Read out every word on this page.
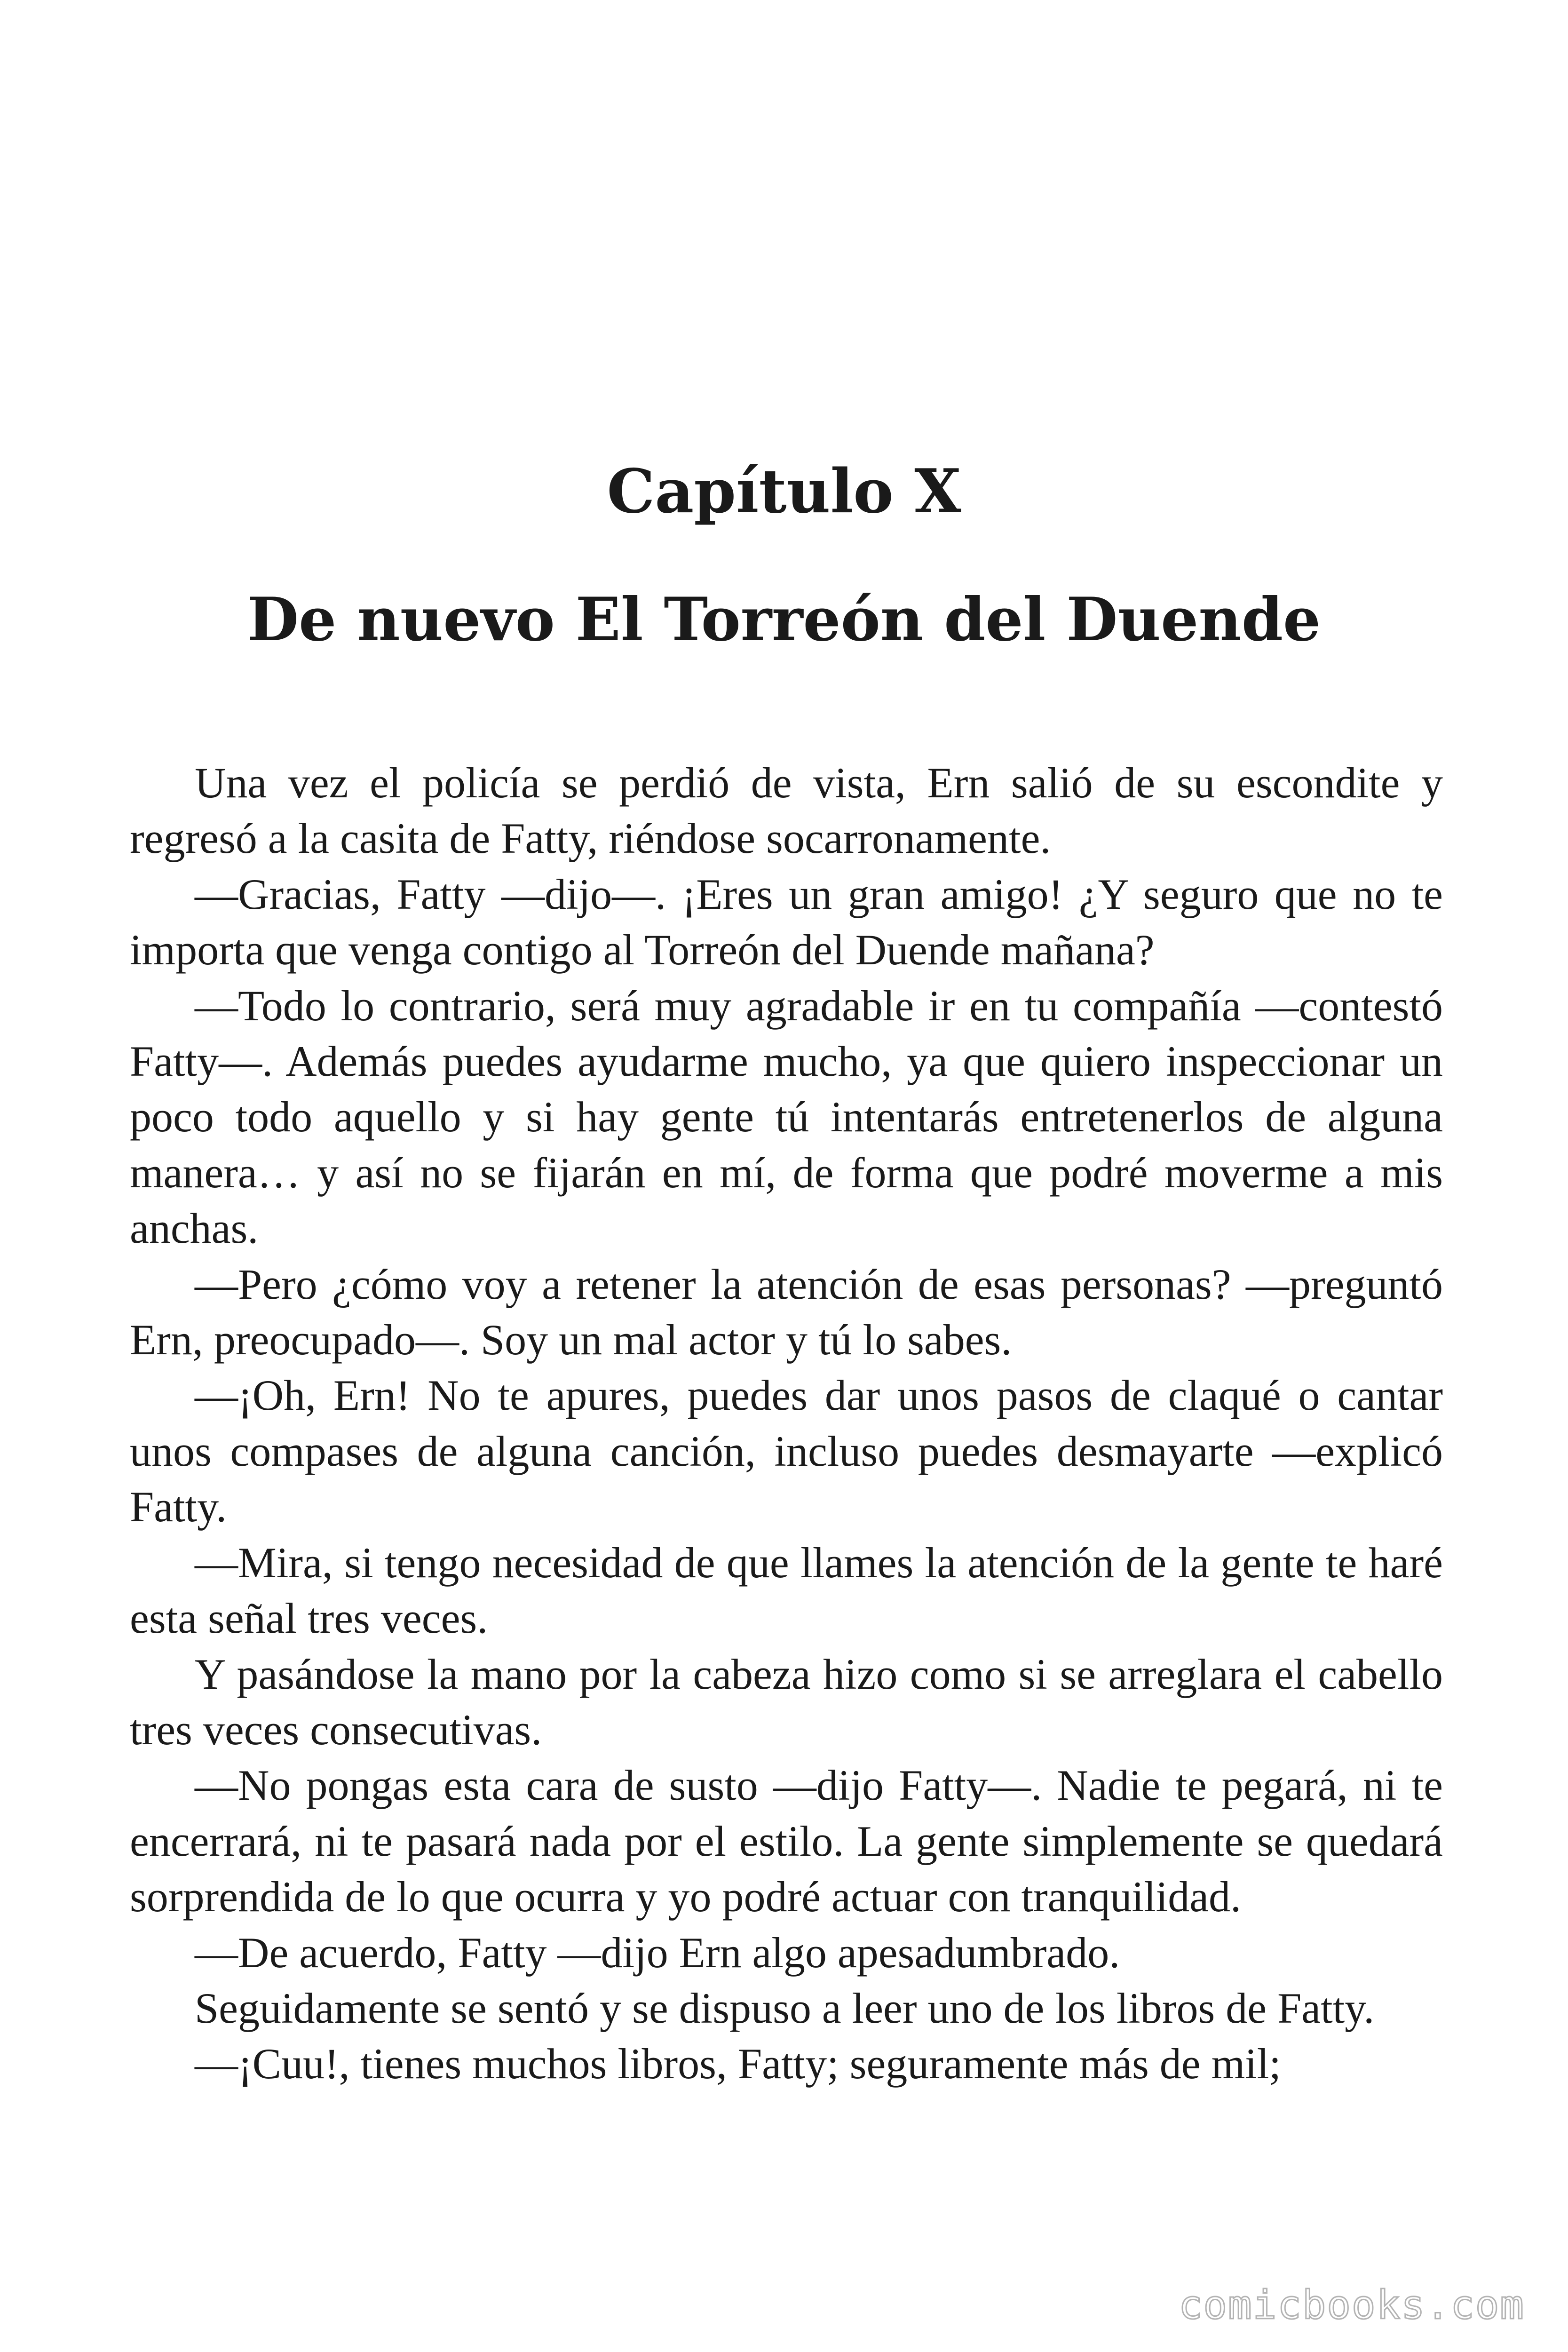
Capítulo X
De nuevo El Torreón del Duende

Una vez el policía se perdió de vista, Ern salió de su escondite y regresó a la casita de Fatty, riéndose socarronamente.

—Gracias, Fatty —dijo—. ¡Eres un gran amigo! ¿Y seguro que no te importa que venga contigo al Torreón del Duende mañana?

—Todo lo contrario, será muy agradable ir en tu compañía —contestó Fatty—. Además puedes ayudarme mucho, ya que quiero inspeccionar un poco todo aquello y si hay gente tú intentarás entretenerlos de alguna manera… y así no se fijarán en mí, de forma que podré moverme a mis anchas.

—Pero ¿cómo voy a retener la atención de esas personas? —preguntó Ern, preocupado—. Soy un mal actor y tú lo sabes.

—¡Oh, Ern! No te apures, puedes dar unos pasos de claqué o cantar unos compases de alguna canción, incluso puedes desmayarte —explicó Fatty.

—Mira, si tengo necesidad de que llames la atención de la gente te haré esta señal tres veces.

Y pasándose la mano por la cabeza hizo como si se arreglara el cabello tres veces consecutivas.

—No pongas esta cara de susto —dijo Fatty—. Nadie te pegará, ni te encerrará, ni te pasará nada por el estilo. La gente simplemente se quedará sorprendida de lo que ocurra y yo podré actuar con tranquilidad.

—De acuerdo, Fatty —dijo Ern algo apesadumbrado.

Seguidamente se sentó y se dispuso a leer uno de los libros de Fatty.

—¡Cuu!, tienes muchos libros, Fatty; seguramente más de mil;

comicbooks.com
